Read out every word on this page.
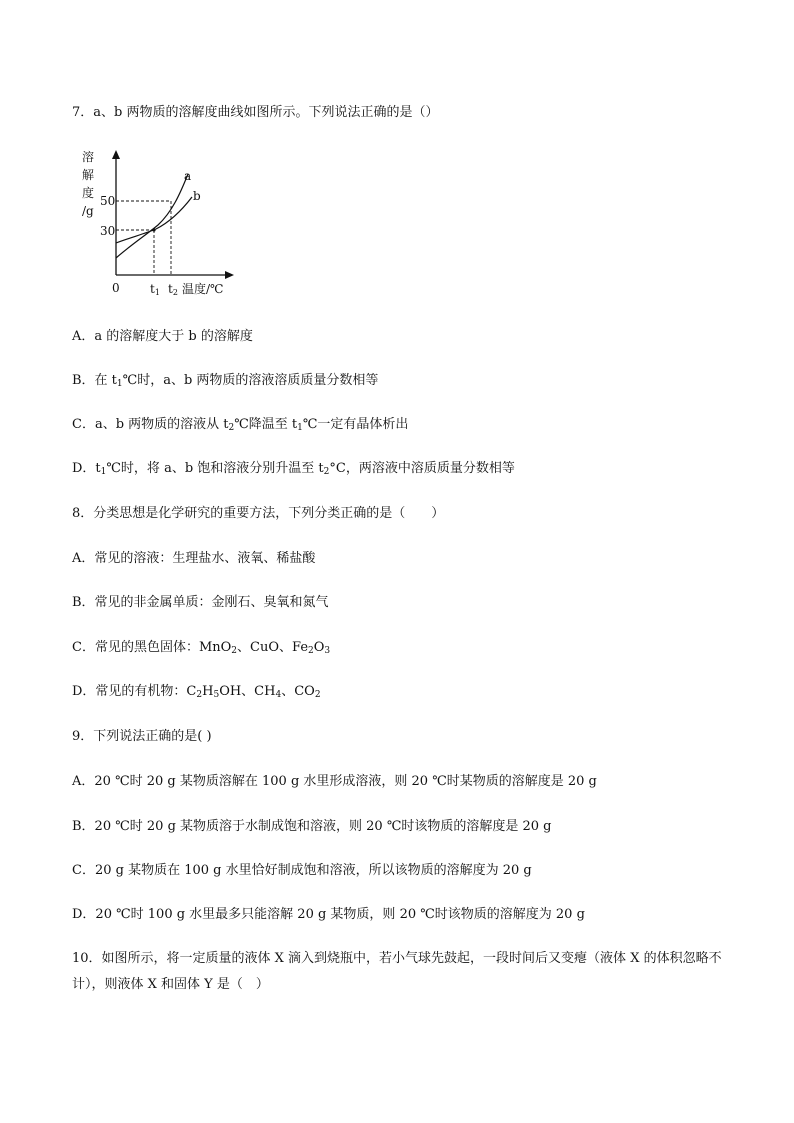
7．a、b 两物质的溶解度曲线如图所示。下列说法正确的是（）
溶
解
度
/g
50
30
0
a
b
t1 t2 温度/℃
A．a 的溶解度大于 b 的溶解度
B．在 $t_1℃$时，a、b 两物质的溶液溶质质量分数相等
C．a、b 两物质的溶液从 $t_2℃$降温至 $t_1℃$一定有晶体析出
D．$t_1℃$时，将 a、b 饱和溶液分别升温至 $t_2^\circ C$，两溶液中溶质质量分数相等
8．分类思想是化学研究的重要方法，下列分类正确的是（　　）
A．常见的溶液：生理盐水、液氧、稀盐酸
B．常见的非金属单质：金刚石、臭氧和氮气
C．常见的黑色固体：MnO$_2$、CuO、$Fe_2O_3$
D．常见的有机物：$C_2H_5OH$、$CH_4$、$CO_2$
9．下列说法正确的是( )
A．20 ℃时 20 g 某物质溶解在 100 g 水里形成溶液，则 20 ℃时某物质的溶解度是 20 g
B．20 ℃时 20 g 某物质溶于水制成饱和溶液，则 20 ℃时该物质的溶解度是 20 g
C．20 g 某物质在 100 g 水里恰好制成饱和溶液，所以该物质的溶解度为 20 g
D．20 ℃时 100 g 水里最多只能溶解 20 g 某物质，则 20 ℃时该物质的溶解度为 20 g
10．如图所示，将一定质量的液体 X 滴入到烧瓶中，若小气球先鼓起，一段时间后又变瘪（液体 X 的体积忽略不计），则液体 X 和固体 Y 是（　）
